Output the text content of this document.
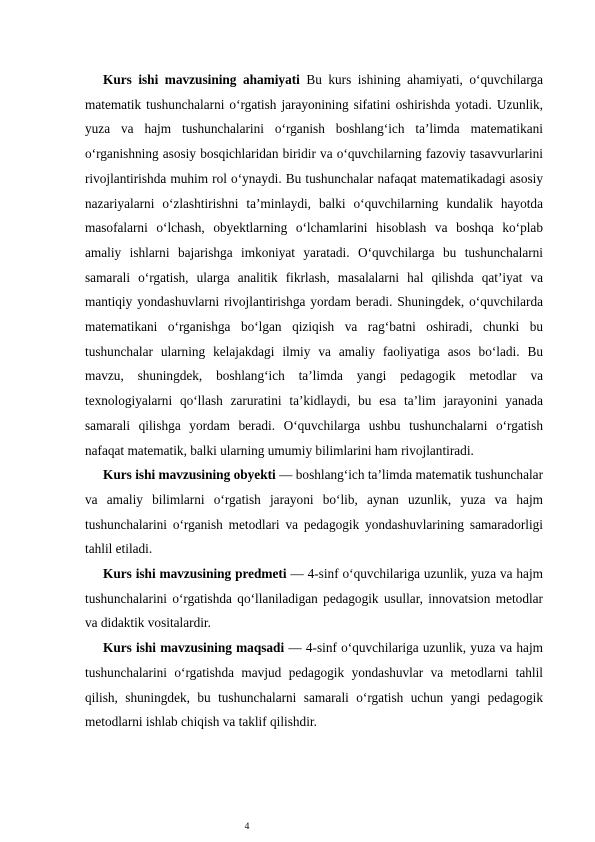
Kurs ishi mavzusining ahamiyati Bu kurs ishining ahamiyati, o‘quvchilarga matematik tushunchalarni o‘rgatish jarayonining sifatini oshirishda yotadi. Uzunlik, yuza va hajm tushunchalarini o‘rganish boshlang‘ich ta’limda matematikani o‘rganishning asosiy bosqichlaridan biridir va o‘quvchilarning fazoviy tasavvurlarini rivojlantirishda muhim rol o‘ynaydi. Bu tushunchalar nafaqat matematikadagi asosiy nazariyalarni o‘zlashtirishni ta’minlaydi, balki o‘quvchilarning kundalik hayotda masofalarni o‘lchash, obyektlarning o‘lchamlarini hisoblash va boshqa ko‘plab amaliy ishlarni bajarishga imkoniyat yaratadi. O‘quvchilarga bu tushunchalarni samarali o‘rgatish, ularga analitik fikrlash, masalalarni hal qilishda qat’iyat va mantiqiy yondashuvlarni rivojlantirishga yordam beradi. Shuningdek, o‘quvchilarda matematikani o‘rganishga bo‘lgan qiziqish va rag‘batni oshiradi, chunki bu tushunchalar ularning kelajakdagi ilmiy va amaliy faoliyatiga asos bo‘ladi. Bu mavzu, shuningdek, boshlang‘ich ta’limda yangi pedagogik metodlar va texnologiyalarni qo‘llash zaruratini ta’kidlaydi, bu esa ta’lim jarayonini yanada samarali qilishga yordam beradi. O‘quvchilarga ushbu tushunchalarni o‘rgatish nafaqat matematik, balki ularning umumiy bilimlarini ham rivojlantiradi.

Kurs ishi mavzusining obyekti — boshlang‘ich ta’limda matematik tushunchalar va amaliy bilimlarni o‘rgatish jarayoni bo‘lib, aynan uzunlik, yuza va hajm tushunchalarini o‘rganish metodlari va pedagogik yondashuvlarining samaradorligi tahlil etiladi.

Kurs ishi mavzusining predmeti — 4-sinf o‘quvchilariga uzunlik, yuza va hajm tushunchalarini o‘rgatishda qo‘llaniladigan pedagogik usullar, innovatsion metodlar va didaktik vositalardir.

Kurs ishi mavzusining maqsadi — 4-sinf o‘quvchilariga uzunlik, yuza va hajm tushunchalarini o‘rgatishda mavjud pedagogik yondashuvlar va metodlarni tahlil qilish, shuningdek, bu tushunchalarni samarali o‘rgatish uchun yangi pedagogik metodlarni ishlab chiqish va taklif qilishdir.

4
